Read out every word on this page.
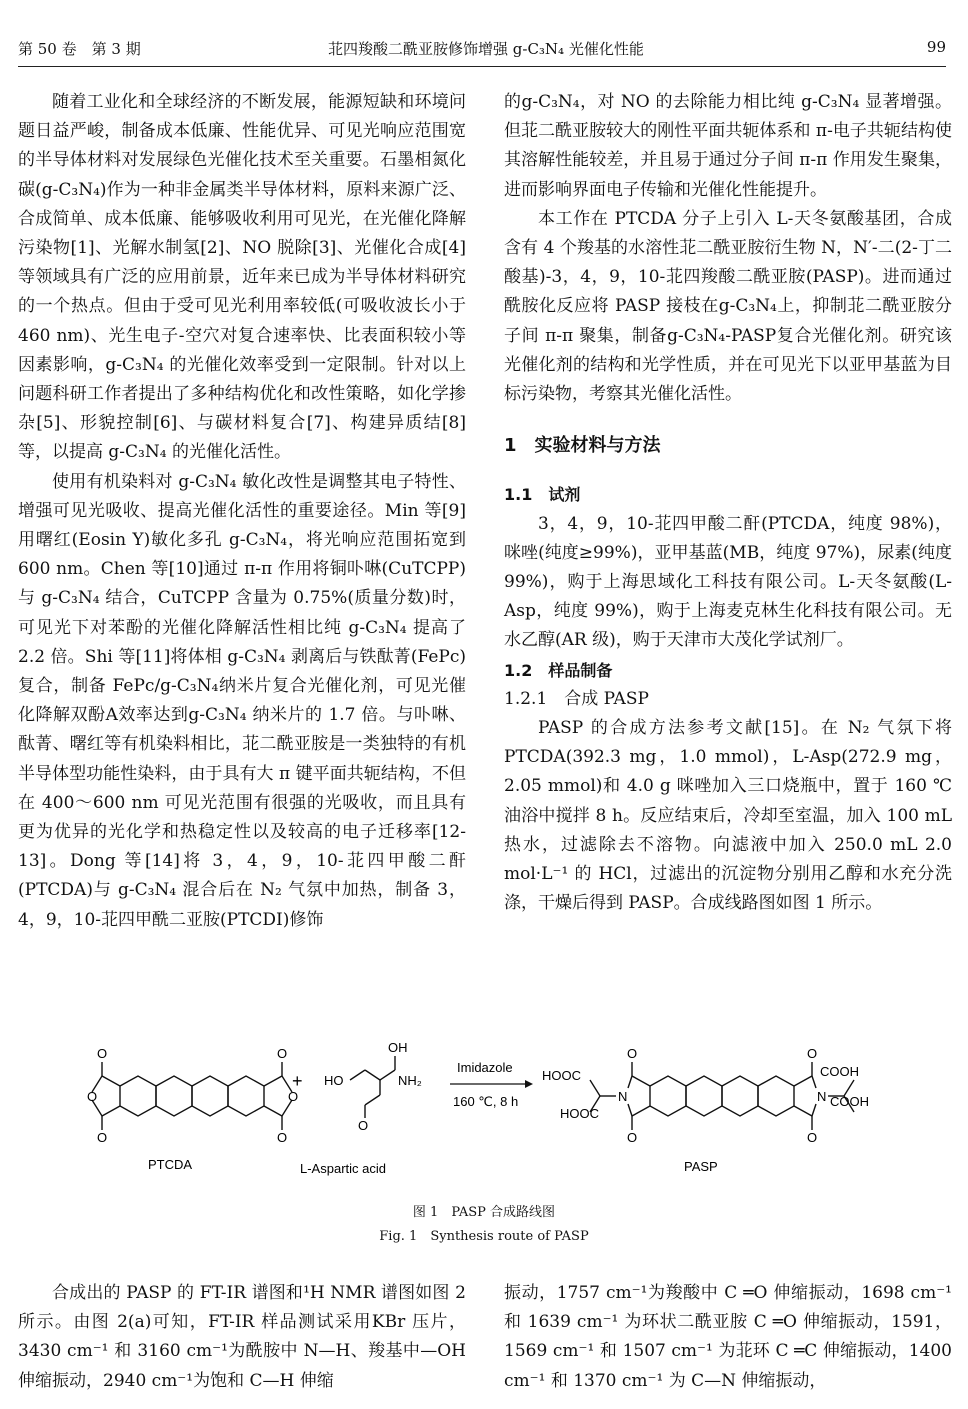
第 50 卷　第 3 期	苝四羧酸二酰亚胺修饰增强 g-C₃N₄ 光催化性能	99

随着工业化和全球经济的不断发展，能源短缺和环境问题日益严峻，制备成本低廉、性能优异、可见光响应范围宽的半导体材料对发展绿色光催化技术至关重要。石墨相氮化碳(g-C₃N₄)作为一种非金属类半导体材料，原料来源广泛、合成简单、成本低廉、能够吸收利用可见光，在光催化降解污染物[1]、光解水制氢[2]、NO 脱除[3]、光催化合成[4]等领域具有广泛的应用前景，近年来已成为半导体材料研究的一个热点。但由于受可见光利用率较低(可吸收波长小于460 nm)、光生电子-空穴对复合速率快、比表面积较小等因素影响，g-C₃N₄ 的光催化效率受到一定限制。针对以上问题科研工作者提出了多种结构优化和改性策略，如化学掺杂[5]、形貌控制[6]、与碳材料复合[7]、构建异质结[8]等，以提高 g-C₃N₄ 的光催化活性。

使用有机染料对 g-C₃N₄ 敏化改性是调整其电子特性、增强可见光吸收、提高光催化活性的重要途径。Min 等[9]用曙红(Eosin Y)敏化多孔 g-C₃N₄，将光响应范围拓宽到 600 nm。Chen 等[10]通过 π-π 作用将铜卟啉(CuTCPP)与 g-C₃N₄ 结合，CuTCPP 含量为 0.75%(质量分数)时，可见光下对苯酚的光催化降解活性相比纯 g-C₃N₄ 提高了 2.2 倍。Shi 等[11]将体相 g-C₃N₄ 剥离后与铁酞菁(FePc)复合，制备 FePc/g-C₃N₄纳米片复合光催化剂，可见光催化降解双酚A效率达到g-C₃N₄ 纳米片的 1.7 倍。与卟啉、酞菁、曙红等有机染料相比，苝二酰亚胺是一类独特的有机半导体型功能性染料，由于具有大 π 键平面共轭结构，不但在 400～600 nm 可见光范围有很强的光吸收，而且具有更为优异的光化学和热稳定性以及较高的电子迁移率[12-13]。Dong 等[14]将 3，4，9，10-苝四甲酸二酐(PTCDA)与 g-C₃N₄ 混合后在 N₂ 气氛中加热，制备 3，4，9，10-苝四甲酰二亚胺(PTCDI)修饰

的g-C₃N₄，对 NO 的去除能力相比纯 g-C₃N₄ 显著增强。但苝二酰亚胺较大的刚性平面共轭体系和 π-电子共轭结构使其溶解性能较差，并且易于通过分子间 π-π 作用发生聚集，进而影响界面电子传输和光催化性能提升。

本工作在 PTCDA 分子上引入 L-天冬氨酸基团，合成含有 4 个羧基的水溶性苝二酰亚胺衍生物 N，N′-二(2-丁二酸基)-3，4，9，10-苝四羧酸二酰亚胺(PASP)。进而通过酰胺化反应将 PASP 接枝在g-C₃N₄上，抑制苝二酰亚胺分子间 π-π 聚集，制备g-C₃N₄-PASP复合光催化剂。研究该光催化剂的结构和光学性质，并在可见光下以亚甲基蓝为目标污染物，考察其光催化活性。

1　实验材料与方法

1.1　试剂

3，4，9，10-苝四甲酸二酐(PTCDA，纯度 98%)，咪唑(纯度≥99%)，亚甲基蓝(MB，纯度 97%)，尿素(纯度99%)，购于上海思域化工科技有限公司。L-天冬氨酸(L-Asp，纯度 99%)，购于上海麦克林生化科技有限公司。无水乙醇(AR 级)，购于天津市大茂化学试剂厂。

1.2　样品制备

1.2.1　合成 PASP

PASP 的合成方法参考文献[15]。在 N₂ 气氛下将 PTCDA(392.3 mg，1.0 mmol)，L-Asp(272.9 mg，2.05 mmol)和 4.0 g 咪唑加入三口烧瓶中，置于 160 ℃油浴中搅拌 8 h。反应结束后，冷却至室温，加入 100 mL 热水，过滤除去不溶物。向滤液中加入 250.0 mL 2.0 mol·L⁻¹ 的 HCl，过滤出的沉淀物分别用乙醇和水充分洗涤，干燥后得到 PASP。合成线路图如图 1 所示。

O
O
O
O
O
O
+
OH
HO	NH₂
O
Imidazole
160 ℃, 8 h	N	N
O
O
O
O
HOOC
HOOC
COOH
COOH
PTCDA	L-Aspartic acid	PASP
图 1　PASP 合成路线图
Fig. 1　Synthesis route of PASP

合成出的 PASP 的 FT-IR 谱图和¹H NMR 谱图如图 2 所示。由图 2(a)可知，FT-IR 样品测试采用KBr 压片，3430 cm⁻¹ 和 3160 cm⁻¹为酰胺中 N—H、羧基中—OH 伸缩振动，2940 cm⁻¹为饱和 C—H 伸缩

振动，1757 cm⁻¹为羧酸中 C ═O 伸缩振动，1698 cm⁻¹和 1639 cm⁻¹ 为环状二酰亚胺 C ═O 伸缩振动，1591，1569 cm⁻¹ 和 1507 cm⁻¹ 为苝环 C ═C 伸缩振动，1400 cm⁻¹ 和 1370 cm⁻¹ 为 C—N 伸缩振动，
